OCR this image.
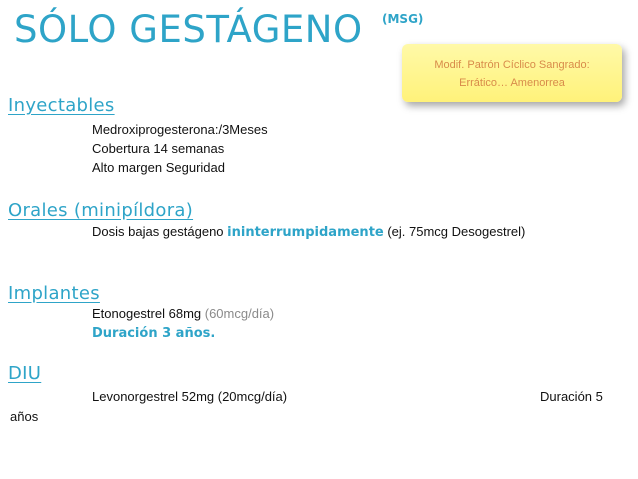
SÓLO GESTÁGENO (MSG)
Modif. Patrón Cíclico Sangrado:
Errático… Amenorrea
Inyectables
Medroxiprogesterona:/3Meses
Cobertura 14 semanas
Alto margen Seguridad
Orales (minipíldora)
Dosis bajas gestágeno ininterrumpidamente (ej. 75mcg Desogestrel)
Implantes
Etonogestrel 68mg (60mcg/día)
Duración 3 años.
DIU
Levonorgestrel 52mg (20mcg/día)	Duración 5
años
